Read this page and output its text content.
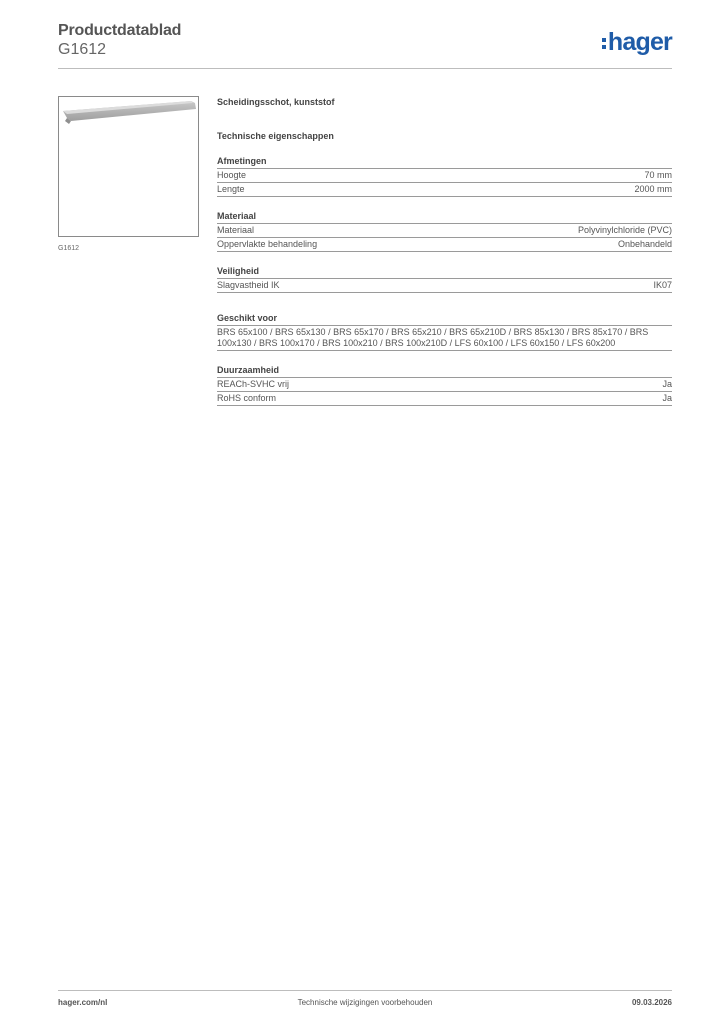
Productdatablad
G1612	hager
G1612
Scheidingsschot, kunststof
Technische eigenschappen
Afmetingen
Hoogte	70 mm
Lengte	2000 mm
Materiaal
Materiaal	Polyvinylchloride (PVC)
Oppervlakte behandeling	Onbehandeld
Veiligheid
Slagvastheid IK	IK07
Geschikt voor
BRS 65x100 / BRS 65x130 / BRS 65x170 / BRS 65x210 / BRS 65x210D / BRS 85x130 / BRS 85x170 / BRS 100x130 / BRS 100x170 / BRS 100x210 / BRS 100x210D / LFS 60x100 / LFS 60x150 / LFS 60x200
Duurzaamheid
REACh-SVHC vrij	Ja
RoHS conform	Ja
hager.com/nl	Technische wijzigingen voorbehouden	09.03.2026
